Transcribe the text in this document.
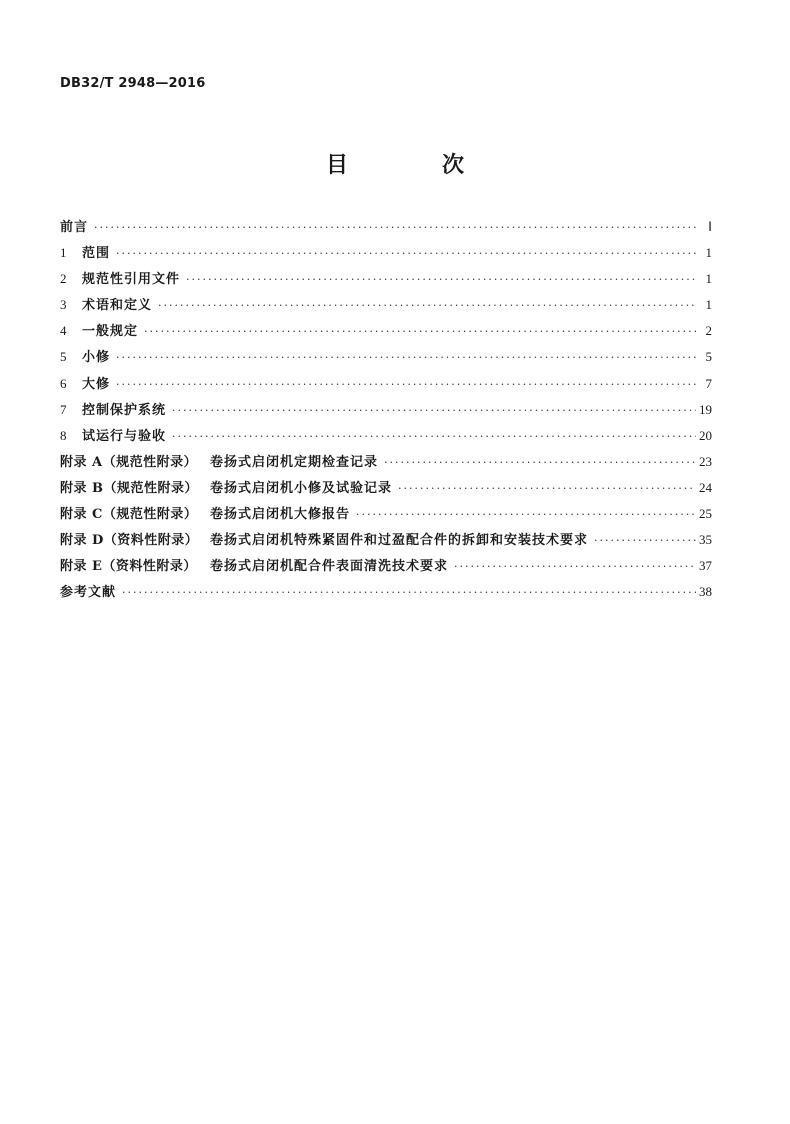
DB32/T 2948—2016
目　次
前言 ·····	Ⅰ
1	范围 ·····	1
2	规范性引用文件 ·····	1
3	术语和定义 ·····	1
4	一般规定 ·····	2
5	小修 ·····	5
6	大修 ·····	7
7	控制保护系统 ·····	19
8	试运行与验收 ·····	20
附录 A（规范性附录） 卷扬式启闭机定期检查记录 ·····	23
附录 B（规范性附录） 卷扬式启闭机小修及试验记录 ·····	24
附录 C（规范性附录） 卷扬式启闭机大修报告 ·····	25
附录 D（资料性附录） 卷扬式启闭机特殊紧固件和过盈配合件的拆卸和安装技术要求 ·····	35
附录 E（资料性附录）	卷扬式启闭机配合件表面清洗技术要求 ·····	37
参考文献 ·····	38
